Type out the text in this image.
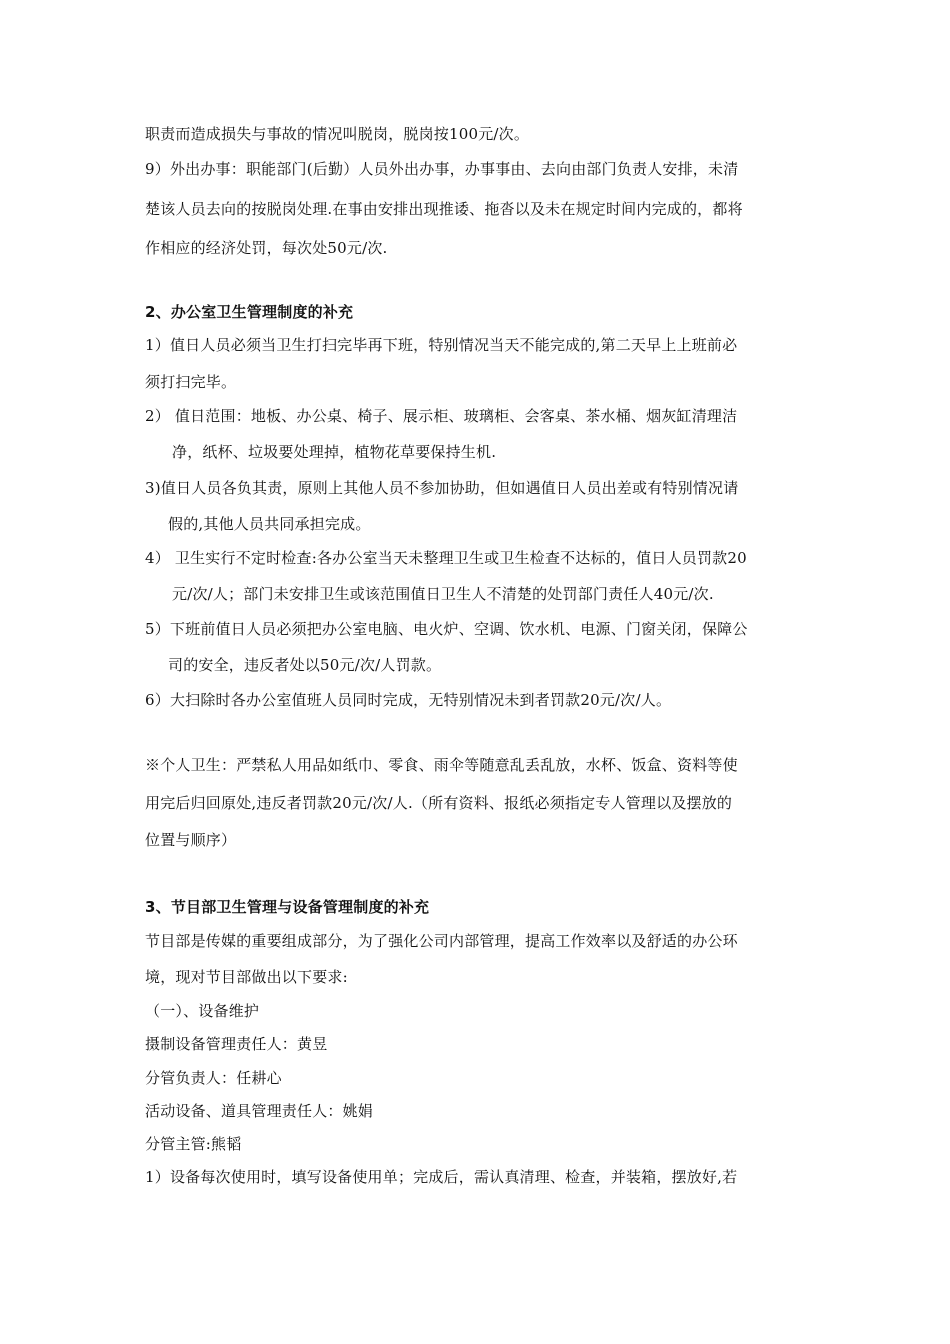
职责而造成损失与事故的情况叫脱岗，脱岗按100元/次。
9）外出办事：职能部门(后勤）人员外出办事，办事事由、去向由部门负责人安排，未清
楚该人员去向的按脱岗处理.在事由安排出现推诿、拖沓以及未在规定时间内完成的，都将
作相应的经济处罚，每次处50元/次.
2、办公室卫生管理制度的补充
1）值日人员必须当卫生打扫完毕再下班，特别情况当天不能完成的,第二天早上上班前必
须打扫完毕。
2） 值日范围：地板、办公桌、椅子、展示柜、玻璃柜、会客桌、茶水桶、烟灰缸清理洁
净，纸杯、垃圾要处理掉，植物花草要保持生机.
3)值日人员各负其责，原则上其他人员不参加协助，但如遇值日人员出差或有特别情况请
假的,其他人员共同承担完成。
4） 卫生实行不定时检查:各办公室当天未整理卫生或卫生检查不达标的，值日人员罚款20
元/次/人；部门未安排卫生或该范围值日卫生人不清楚的处罚部门责任人40元/次.
5）下班前值日人员必须把办公室电脑、电火炉、空调、饮水机、电源、门窗关闭，保障公
司的安全，违反者处以50元/次/人罚款。
6）大扫除时各办公室值班人员同时完成，无特别情况未到者罚款20元/次/人。
※个人卫生：严禁私人用品如纸巾、零食、雨伞等随意乱丢乱放，水杯、饭盒、资料等使
用完后归回原处,违反者罚款20元/次/人.（所有资料、报纸必须指定专人管理以及摆放的
位置与顺序）
3、节目部卫生管理与设备管理制度的补充
节目部是传媒的重要组成部分，为了强化公司内部管理，提高工作效率以及舒适的办公环
境，现对节目部做出以下要求:
（一）、设备维护
摄制设备管理责任人：黄昱
分管负责人：任耕心
活动设备、道具管理责任人：姚娟
分管主管:熊韬
1）设备每次使用时，填写设备使用单；完成后，需认真清理、检查，并装箱，摆放好,若
